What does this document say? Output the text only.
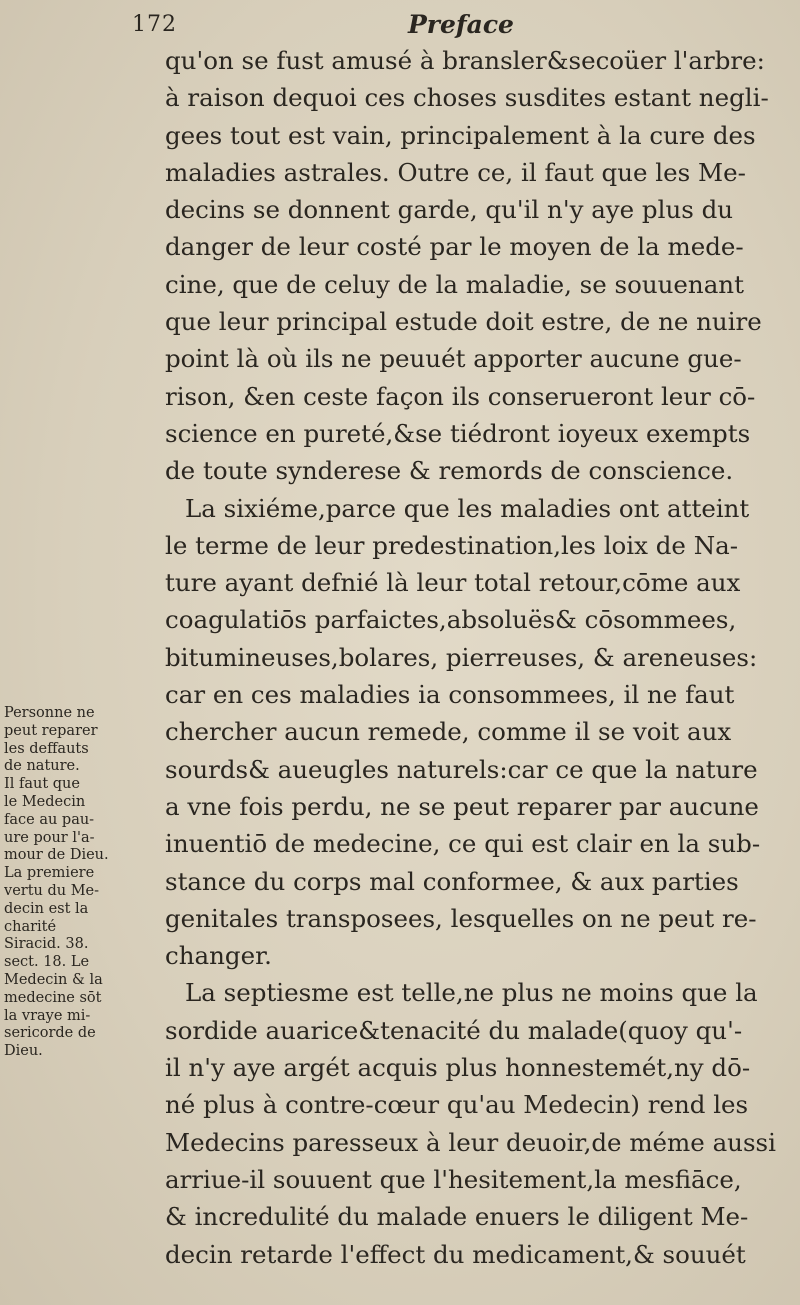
172	Preface
qu'on se fust amusé à bransler&secoüer l'arbre:
à raison dequoi ces choses susdites estant negli-
gees tout est vain, principalement à la cure des
maladies astrales. Outre ce, il faut que les Me-
decins se donnent garde, qu'il n'y aye plus du
danger de leur costé par le moyen de la mede-
cine, que de celuy de la maladie, se souuenant
que leur principal estude doit estre, de ne nuire
point là où ils ne peuuét apporter aucune gue-
rison, &en ceste façon ils conserueront leur cō-
science en pureté,&se tiédront ioyeux exempts
de toute synderese & remords de conscience.
La sixiéme,parce que les maladies ont atteint
le terme de leur predestination,les loix de Na-
ture ayant defnié là leur total retour,cōme aux
coagulatiōs parfaictes,absoluës& cōsommees,
bitumineuses,bolares, pierreuses, & areneuses:
car en ces maladies ia consommees, il ne faut
chercher aucun remede, comme il se voit aux
sourds& aueugles naturels:car ce que la nature
a vne fois perdu, ne se peut reparer par aucune
inuentiō de medecine, ce qui est clair en la sub-
stance du corps mal conformee, & aux parties
genitales transposees, lesquelles on ne peut re-
changer.
La septiesme est telle,ne plus ne moins que la
sordide auarice&tenacité du malade(quoy qu'-
il n'y aye argét acquis plus honnestemét,ny dō-
né plus à contre-cœur qu'au Medecin) rend les
Medecins paresseux à leur deuoir,de méme aussi
arriue-il souuent que l'hesitement,la mesfiāce,
& incredulité du malade enuers le diligent Me-
decin retarde l'effect du medicament,& souuét
Personne ne
peut reparer
les deffauts
de nature.
Il faut que
le Medecin
face au pau-
ure pour l'a-
mour de Dieu.
La premiere
vertu du Me-
decin est la
charité
Siracid. 38.
sect. 18. Le
Medecin & la
medecine sōt
la vraye mi-
sericorde de
Dieu.
